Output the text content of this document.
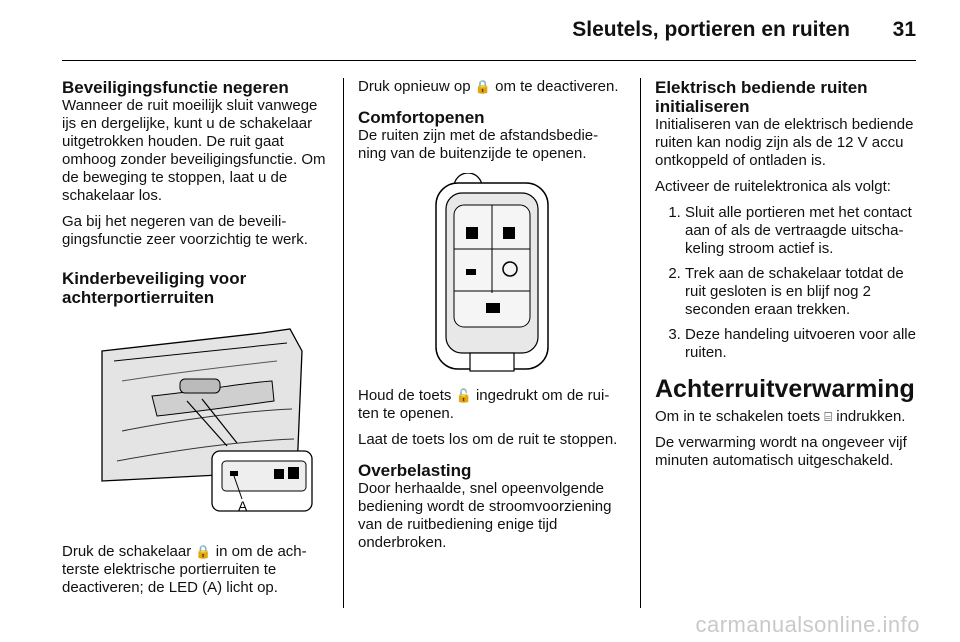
Sleutels, portieren en ruiten 31
Beveiligingsfunctie negeren

Wanneer de ruit moeilijk sluit vanwege ijs en dergelijke, kunt u de schakelaar uitgetrokken houden. De ruit gaat omhoog zonder beveiligingsfunctie. Om de beweging te stoppen, laat u de schakelaar los.

Ga bij het negeren van de beveiligingsfunctie zeer voorzichtig te werk.

Kinderbeveiliging voor achterportierruiten
A

Druk de schakelaar 🔒 in om de achterste elektrische portierruiten te deactiveren; de LED (A) licht op.

Druk opnieuw op 🔒 om te deactiveren.

Comfortopenen

De ruiten zijn met de afstandsbediening van de buitenzijde te openen.

Houd de toets 🔓 ingedrukt om de ruiten te openen.

Laat de toets los om de ruit te stoppen.

Overbelasting

Door herhaalde, snel opeenvolgende bediening wordt de stroomvoorziening van de ruitbediening enige tijd onderbroken.

Elektrisch bediende ruiten initialiseren

Initialiseren van de elektrisch bediende ruiten kan nodig zijn als de 12 V accu ontkoppeld of ontladen is.

Activeer de ruitelektronica als volgt:

1. Sluit alle portieren met het contact aan of als de vertraagde uitschakeling stroom actief is.
2. Trek aan de schakelaar totdat de ruit gesloten is en blijf nog 2 seconden eraan trekken.
3. Deze handeling uitvoeren voor alle ruiten.
Achterruitverwarming

Om in te schakelen toets ⌸ indrukken.

De verwarming wordt na ongeveer vijf minuten automatisch uitgeschakeld.

carmanualsonline.info
